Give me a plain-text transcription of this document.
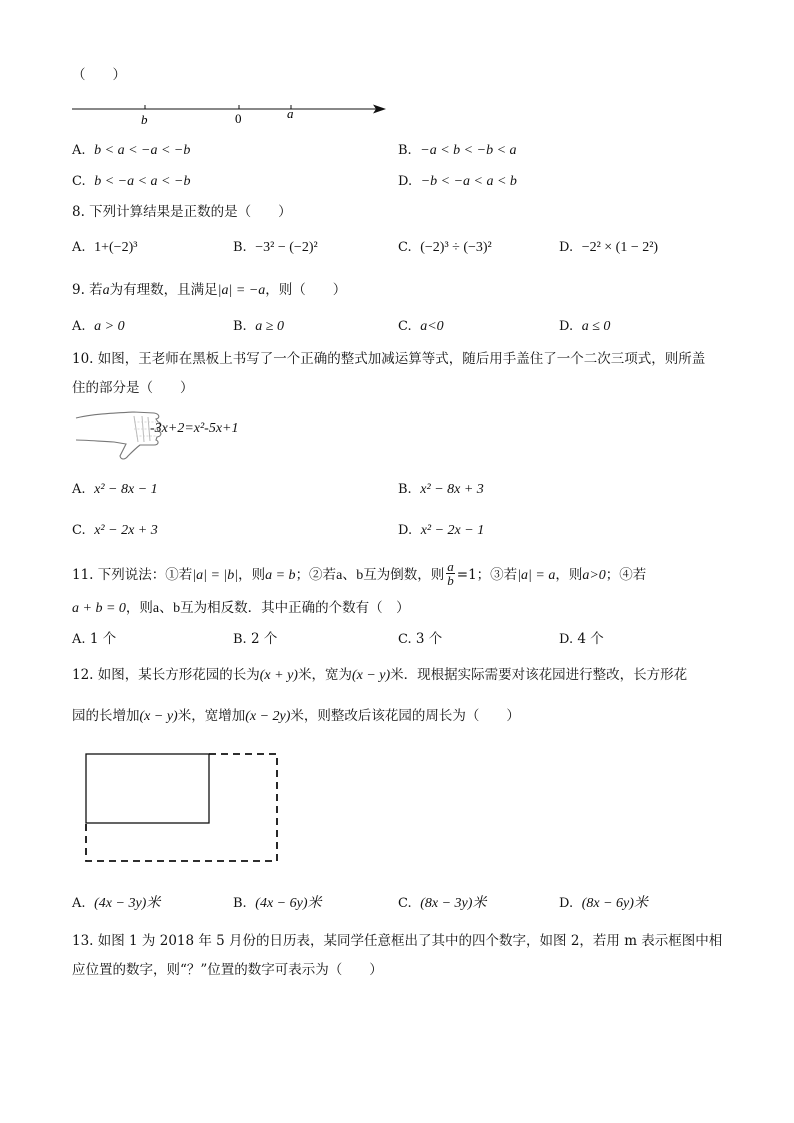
（　　）
b	0	a
A. b < a < −a < −b	B. −a < b < −b < a
C. b < −a < a < −b	D. −b < −a < a < b
8. 下列计算结果是正数的是（　　）
A. 1+(−2)³	B. −3² − (−2)²	C. (−2)³ ÷ (−3)²	D. −2² × (1 − 2²)
9. 若a为有理数，且满足|a| = −a，则（　　）
A. a > 0	B. a ≥ 0	C. a<0	D. a ≤ 0
10. 如图，王老师在黑板上书写了一个正确的整式加减运算等式，随后用手盖住了一个二次三项式，则所盖
住的部分是（　　）
-3x+2=x²-5x+1
A. x² − 8x − 1	B. x² − 8x + 3
C. x² − 2x + 3	D. x² − 2x − 1
11. 下列说法：①若|a| = |b|，则a = b；②若a、b互为倒数，则 $\frac{a}{b} =1$；③若|a| = a，则a>0；④若
a + b = 0，则a、b互为相反数．其中正确的个数有（　）
A. 1 个	B. 2 个	C. 3 个	D. 4 个
12. 如图，某长方形花园的长为(x + y)米，宽为(x − y)米．现根据实际需要对该花园进行整改，长方形花
园的长增加(x − y)米，宽增加(x − 2y)米，则整改后该花园的周长为（　　）
A. (4x − 3y)米	B. (4x − 6y)米	C. (8x − 3y)米	D. (8x − 6y)米
13. 如图 1 为 2018 年 5 月份的日历表，某同学任意框出了其中的四个数字，如图 2，若用 m 表示框图中相
应位置的数字，则“？”位置的数字可表示为（　　）
